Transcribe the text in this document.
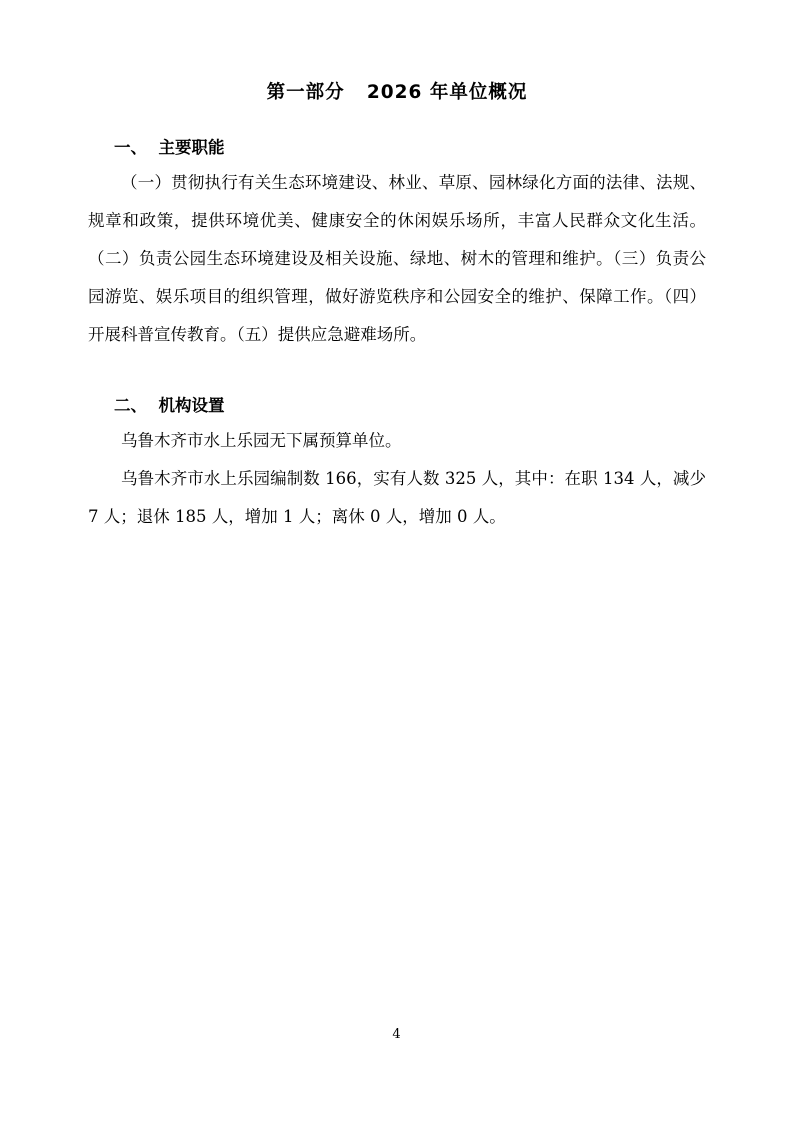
第一部分   2026 年单位概况
一、  主要职能

（一）贯彻执行有关生态环境建设、林业、草原、园林绿化方面的法律、法规、规章和政策，提供环境优美、健康安全的休闲娱乐场所，丰富人民群众文化生活。（二）负责公园生态环境建设及相关设施、绿地、树木的管理和维护。（三）负责公园游览、娱乐项目的组织管理，做好游览秩序和公园安全的维护、保障工作。（四）开展科普宣传教育。（五）提供应急避难场所。

二、  机构设置

乌鲁木齐市水上乐园无下属预算单位。

乌鲁木齐市水上乐园编制数 166，实有人数 325 人，其中：在职 134 人，减少 7 人；退休 185 人，增加 1 人；离休 0 人，增加 0 人。

4
